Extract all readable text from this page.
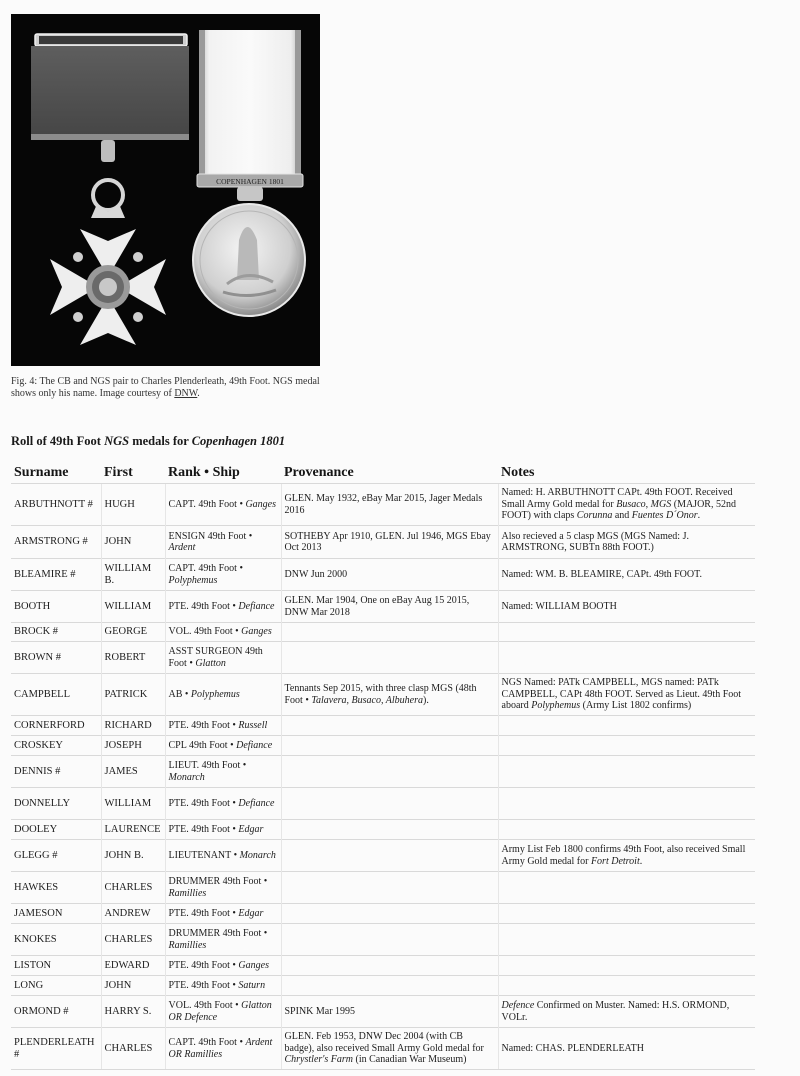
COPENHAGEN 1801
Fig. 4: The CB and NGS pair to Charles Plenderleath, 49th Foot. NGS medal shows only his name. Image courtesy of DNW.
Roll of 49th Foot NGS medals for Copenhagen 1801
Surname	First	Rank • Ship	Provenance	Notes
ARBUTHNOTT #	HUGH	CAPT. 49th Foot • Ganges	GLEN. May 1932, eBay Mar 2015, Jager Medals 2016	Named: H. ARBUTHNOTT CAPt. 49th FOOT. Received Small Army Gold medal for Busaco, MGS (MAJOR, 52nd FOOT) with claps Corunna and Fuentes D´Onor.
ARMSTRONG #	JOHN	ENSIGN 49th Foot • Ardent	SOTHEBY Apr 1910, GLEN. Jul 1946, MGS Ebay Oct 2013	Also recieved a 5 clasp MGS (MGS Named: J. ARMSTRONG, SUBTn 88th FOOT.)
BLEAMIRE #	WILLIAM B.	CAPT. 49th Foot • Polyphemus	DNW Jun 2000	Named: WM. B. BLEAMIRE, CAPt. 49th FOOT.
BOOTH	WILLIAM	PTE. 49th Foot • Defiance	GLEN. Mar 1904, One on eBay Aug 15 2015, DNW Mar 2018	Named: WILLIAM BOOTH
BROCK #	GEORGE	VOL. 49th Foot • Ganges		
BROWN #	ROBERT	ASST SURGEON 49th Foot • Glatton		
CAMPBELL	PATRICK	AB • Polyphemus	Tennants Sep 2015, with three clasp MGS (48th Foot • Talavera, Busaco, Albuhera).	NGS Named: PATk CAMPBELL, MGS named: PATk CAMPBELL, CAPt 48th FOOT. Served as Lieut. 49th Foot aboard Polyphemus (Army List 1802 confirms)
CORNERFORD	RICHARD	PTE. 49th Foot • Russell		
CROSKEY	JOSEPH	CPL 49th Foot • Defiance		
DENNIS #	JAMES	LIEUT. 49th Foot • Monarch		
DONNELLY	WILLIAM	PTE. 49th Foot • Defiance		
DOOLEY	LAURENCE	PTE. 49th Foot • Edgar		
GLEGG #	JOHN B.	LIEUTENANT • Monarch		Army List Feb 1800 confirms 49th Foot, also received Small Army Gold medal for Fort Detroit.
HAWKES	CHARLES	DRUMMER 49th Foot • Ramillies		
JAMESON	ANDREW	PTE. 49th Foot • Edgar		
KNOKES	CHARLES	DRUMMER 49th Foot • Ramillies		
LISTON	EDWARD	PTE. 49th Foot • Ganges		
LONG	JOHN	PTE. 49th Foot • Saturn		
ORMOND #	HARRY S.	VOL. 49th Foot • Glatton OR Defence	SPINK Mar 1995	Defence Confirmed on Muster. Named: H.S. ORMOND, VOLr.
PLENDERLEATH #	CHARLES	CAPT. 49th Foot • Ardent OR Ramillies	GLEN. Feb 1953, DNW Dec 2004 (with CB badge), also received Small Army Gold medal for Chrystler's Farm (in Canadian War Museum)	Named: CHAS. PLENDERLEATH
